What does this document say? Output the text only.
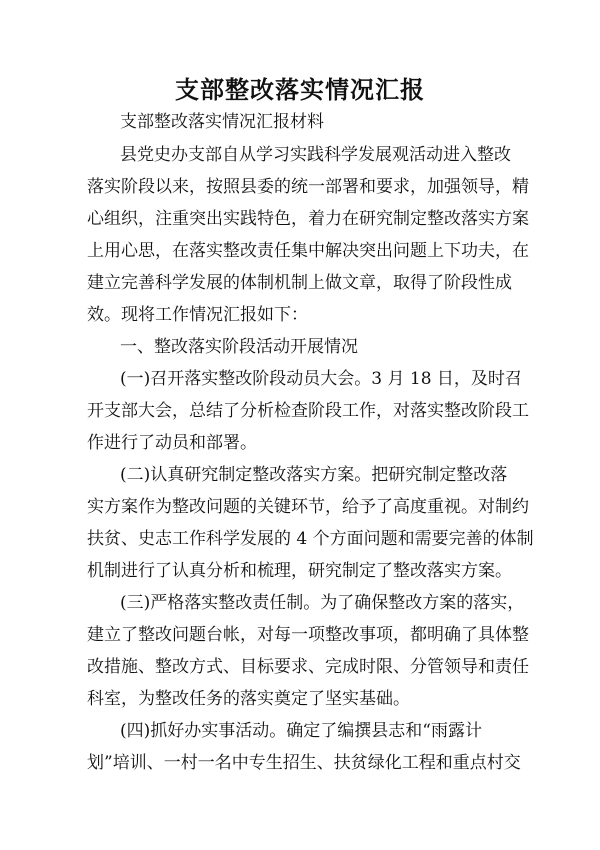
支部整改落实情况汇报
支部整改落实情况汇报材料
县党史办支部自从学习实践科学发展观活动进入整改
落实阶段以来，按照县委的统一部署和要求，加强领导，精
心组织，注重突出实践特色，着力在研究制定整改落实方案
上用心思，在落实整改责任集中解决突出问题上下功夫，在
建立完善科学发展的体制机制上做文章，取得了阶段性成
效。现将工作情况汇报如下：
一、整改落实阶段活动开展情况
(一)召开落实整改阶段动员大会。3 月 18 日，及时召
开支部大会，总结了分析检查阶段工作，对落实整改阶段工
作进行了动员和部署。
(二)认真研究制定整改落实方案。把研究制定整改落
实方案作为整改问题的关键环节，给予了高度重视。对制约
扶贫、史志工作科学发展的 4 个方面问题和需要完善的体制
机制进行了认真分析和梳理，研究制定了整改落实方案。
(三)严格落实整改责任制。为了确保整改方案的落实，
建立了整改问题台帐，对每一项整改事项，都明确了具体整
改措施、整改方式、目标要求、完成时限、分管领导和责任
科室，为整改任务的落实奠定了坚实基础。
(四)抓好办实事活动。确定了编撰县志和“雨露计
划”培训、一村一名中专生招生、扶贫绿化工程和重点村交
